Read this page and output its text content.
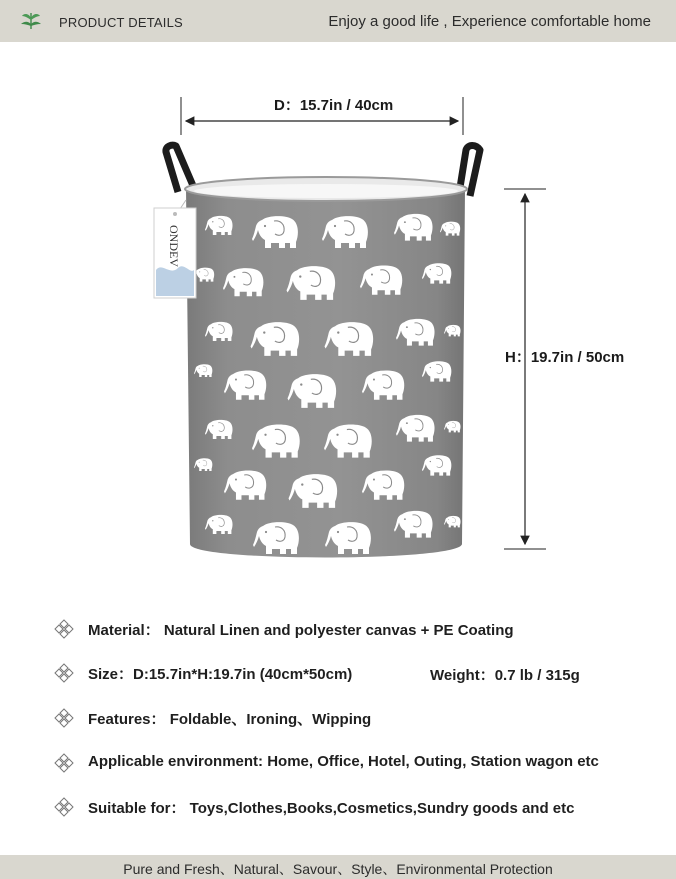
PRODUCT DETAILS	Enjoy a good life , Experience comfortable home
ONDEV
D：15.7in / 40cm
H：19.7in / 50cm
Material： Natural Linen and polyester canvas + PE Coating
Size：D:15.7in*H:19.7in (40cm*50cm)	Weight：0.7 lb / 315g
Features： Foldable、Ironing、Wipping
Applicable environment: Home, Office, Hotel, Outing, Station wagon etc
Suitable for： Toys,Clothes,Books,Cosmetics,Sundry goods and etc
Pure and Fresh、Natural、Savour、Style、Environmental Protection
